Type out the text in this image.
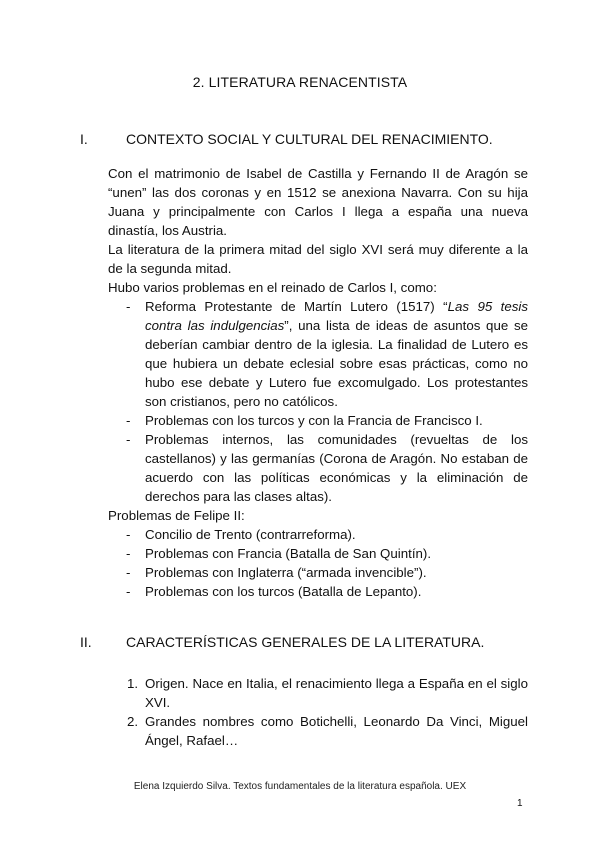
2. LITERATURA RENACENTISTA
I.	CONTEXTO SOCIAL Y CULTURAL DEL RENACIMIENTO.

Con el matrimonio de Isabel de Castilla y Fernando II de Aragón se “unen” las dos coronas y en 1512 se anexiona Navarra. Con su hija Juana y principalmente con Carlos I llega a españa una nueva dinastía, los Austria.

La literatura de la primera mitad del siglo XVI será muy diferente a la de la segunda mitad.

Hubo varios problemas en el reinado de Carlos I, como:

- Reforma Protestante de Martín Lutero (1517) “Las 95 tesis contra las indulgencias”, una lista de ideas de asuntos que se deberían cambiar dentro de la iglesia. La finalidad de Lutero es que hubiera un debate eclesial sobre esas prácticas, como no hubo ese debate y Lutero fue excomulgado. Los protestantes son cristianos, pero no católicos.
- Problemas con los turcos y con la Francia de Francisco I.
- Problemas internos, las comunidades (revueltas de los castellanos) y las germanías (Corona de Aragón. No estaban de acuerdo con las políticas económicas y la eliminación de derechos para las clases altas).

Problemas de Felipe II:

- Concilio de Trento (contrarreforma).
- Problemas con Francia (Batalla de San Quintín).
- Problemas con Inglaterra (“armada invencible”).
- Problemas con los turcos (Batalla de Lepanto).
II.	CARACTERÍSTICAS GENERALES DE LA LITERATURA.
1. Origen. Nace en Italia, el renacimiento llega a España en el siglo XVI.
2. Grandes nombres como Botichelli, Leonardo Da Vinci, Miguel Ángel, Rafael…
Elena Izquierdo Silva. Textos fundamentales de la literatura española. UEX
1
